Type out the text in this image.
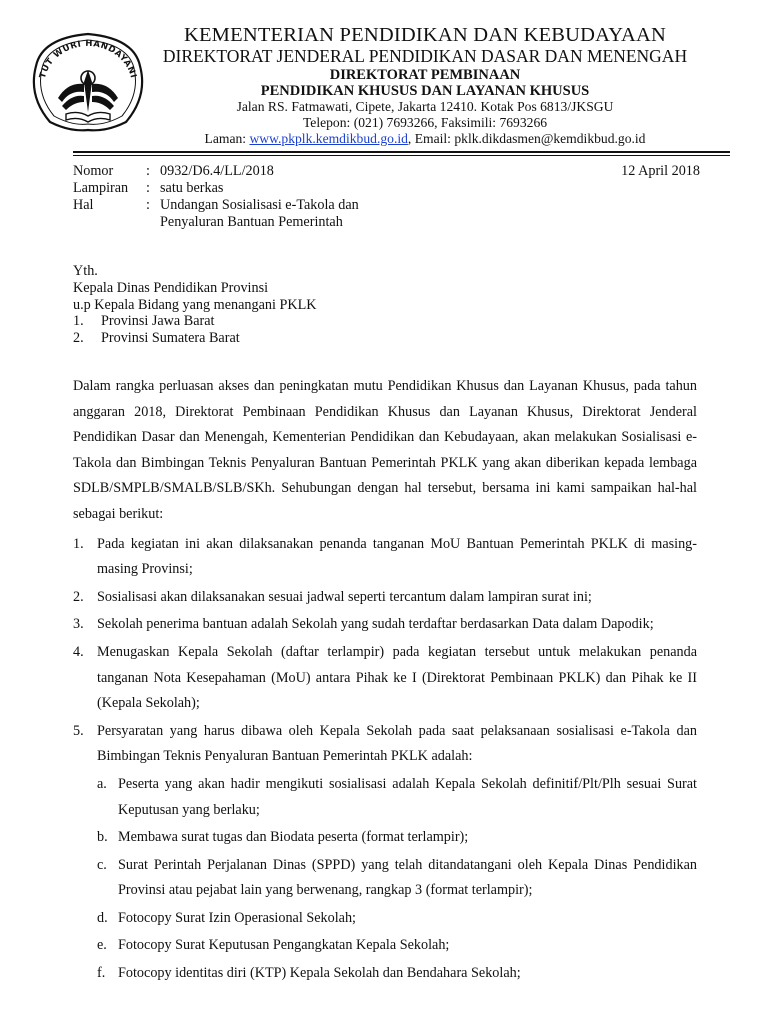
TUT WURI HANDAYANI
KEMENTERIAN PENDIDIKAN DAN KEBUDAYAAN
DIREKTORAT JENDERAL PENDIDIKAN DASAR DAN MENENGAH
DIREKTORAT PEMBINAAN
PENDIDIKAN KHUSUS DAN LAYANAN KHUSUS
Jalan RS. Fatmawati, Cipete, Jakarta 12410. Kotak Pos 6813/JKSGU
Telepon: (021) 7693266, Faksimili: 7693266
Laman: www.pkplk.kemdikbud.go.id, Email: pklk.dikdasmen@kemdikbud.go.id
Nomor	: 0932/D6.4/LL/2018
Lampiran	: satu berkas
Hal	: Undangan Sosialisasi e-Takola dan
Penyaluran Bantuan Pemerintah
12 April 2018
Yth.
Kepala Dinas Pendidikan Provinsi
u.p Kepala Bidang yang menangani PKLK
1.	Provinsi Jawa Barat
2.	Provinsi Sumatera Barat

Dalam rangka perluasan akses dan peningkatan mutu Pendidikan Khusus dan Layanan Khusus, pada tahun anggaran 2018, Direktorat Pembinaan Pendidikan Khusus dan Layanan Khusus, Direktorat Jenderal Pendidikan Dasar dan Menengah, Kementerian Pendidikan dan Kebudayaan, akan melakukan Sosialisasi e-Takola dan Bimbingan Teknis Penyaluran Bantuan Pemerintah PKLK yang akan diberikan kepada lembaga SDLB/SMPLB/SMALB/SLB/SKh. Sehubungan dengan hal tersebut, bersama ini kami sampaikan hal-hal sebagai berikut:

1. Pada kegiatan ini akan dilaksanakan penanda tanganan MoU Bantuan Pemerintah PKLK di masing-masing Provinsi;
2. Sosialisasi akan dilaksanakan sesuai jadwal seperti tercantum dalam lampiran surat ini;
3. Sekolah penerima bantuan adalah Sekolah yang sudah terdaftar berdasarkan Data dalam Dapodik;
4. Menugaskan Kepala Sekolah (daftar terlampir) pada kegiatan tersebut untuk melakukan penanda tanganan Nota Kesepahaman (MoU) antara Pihak ke I (Direktorat Pembinaan PKLK) dan Pihak ke II (Kepala Sekolah);
5. Persyaratan yang harus dibawa oleh Kepala Sekolah pada saat pelaksanaan sosialisasi e-Takola dan Bimbingan Teknis Penyaluran Bantuan Pemerintah PKLK adalah:
a. Peserta yang akan hadir mengikuti sosialisasi adalah Kepala Sekolah definitif/Plt/Plh sesuai Surat Keputusan yang berlaku;
b. Membawa surat tugas dan Biodata peserta (format terlampir);
c. Surat Perintah Perjalanan Dinas (SPPD) yang telah ditandatangani oleh Kepala Dinas Pendidikan Provinsi atau pejabat lain yang berwenang, rangkap 3 (format terlampir);
d. Fotocopy Surat Izin Operasional Sekolah;
e. Fotocopy Surat Keputusan Pengangkatan Kepala Sekolah;
f. Fotocopy identitas diri (KTP) Kepala Sekolah dan Bendahara Sekolah;
